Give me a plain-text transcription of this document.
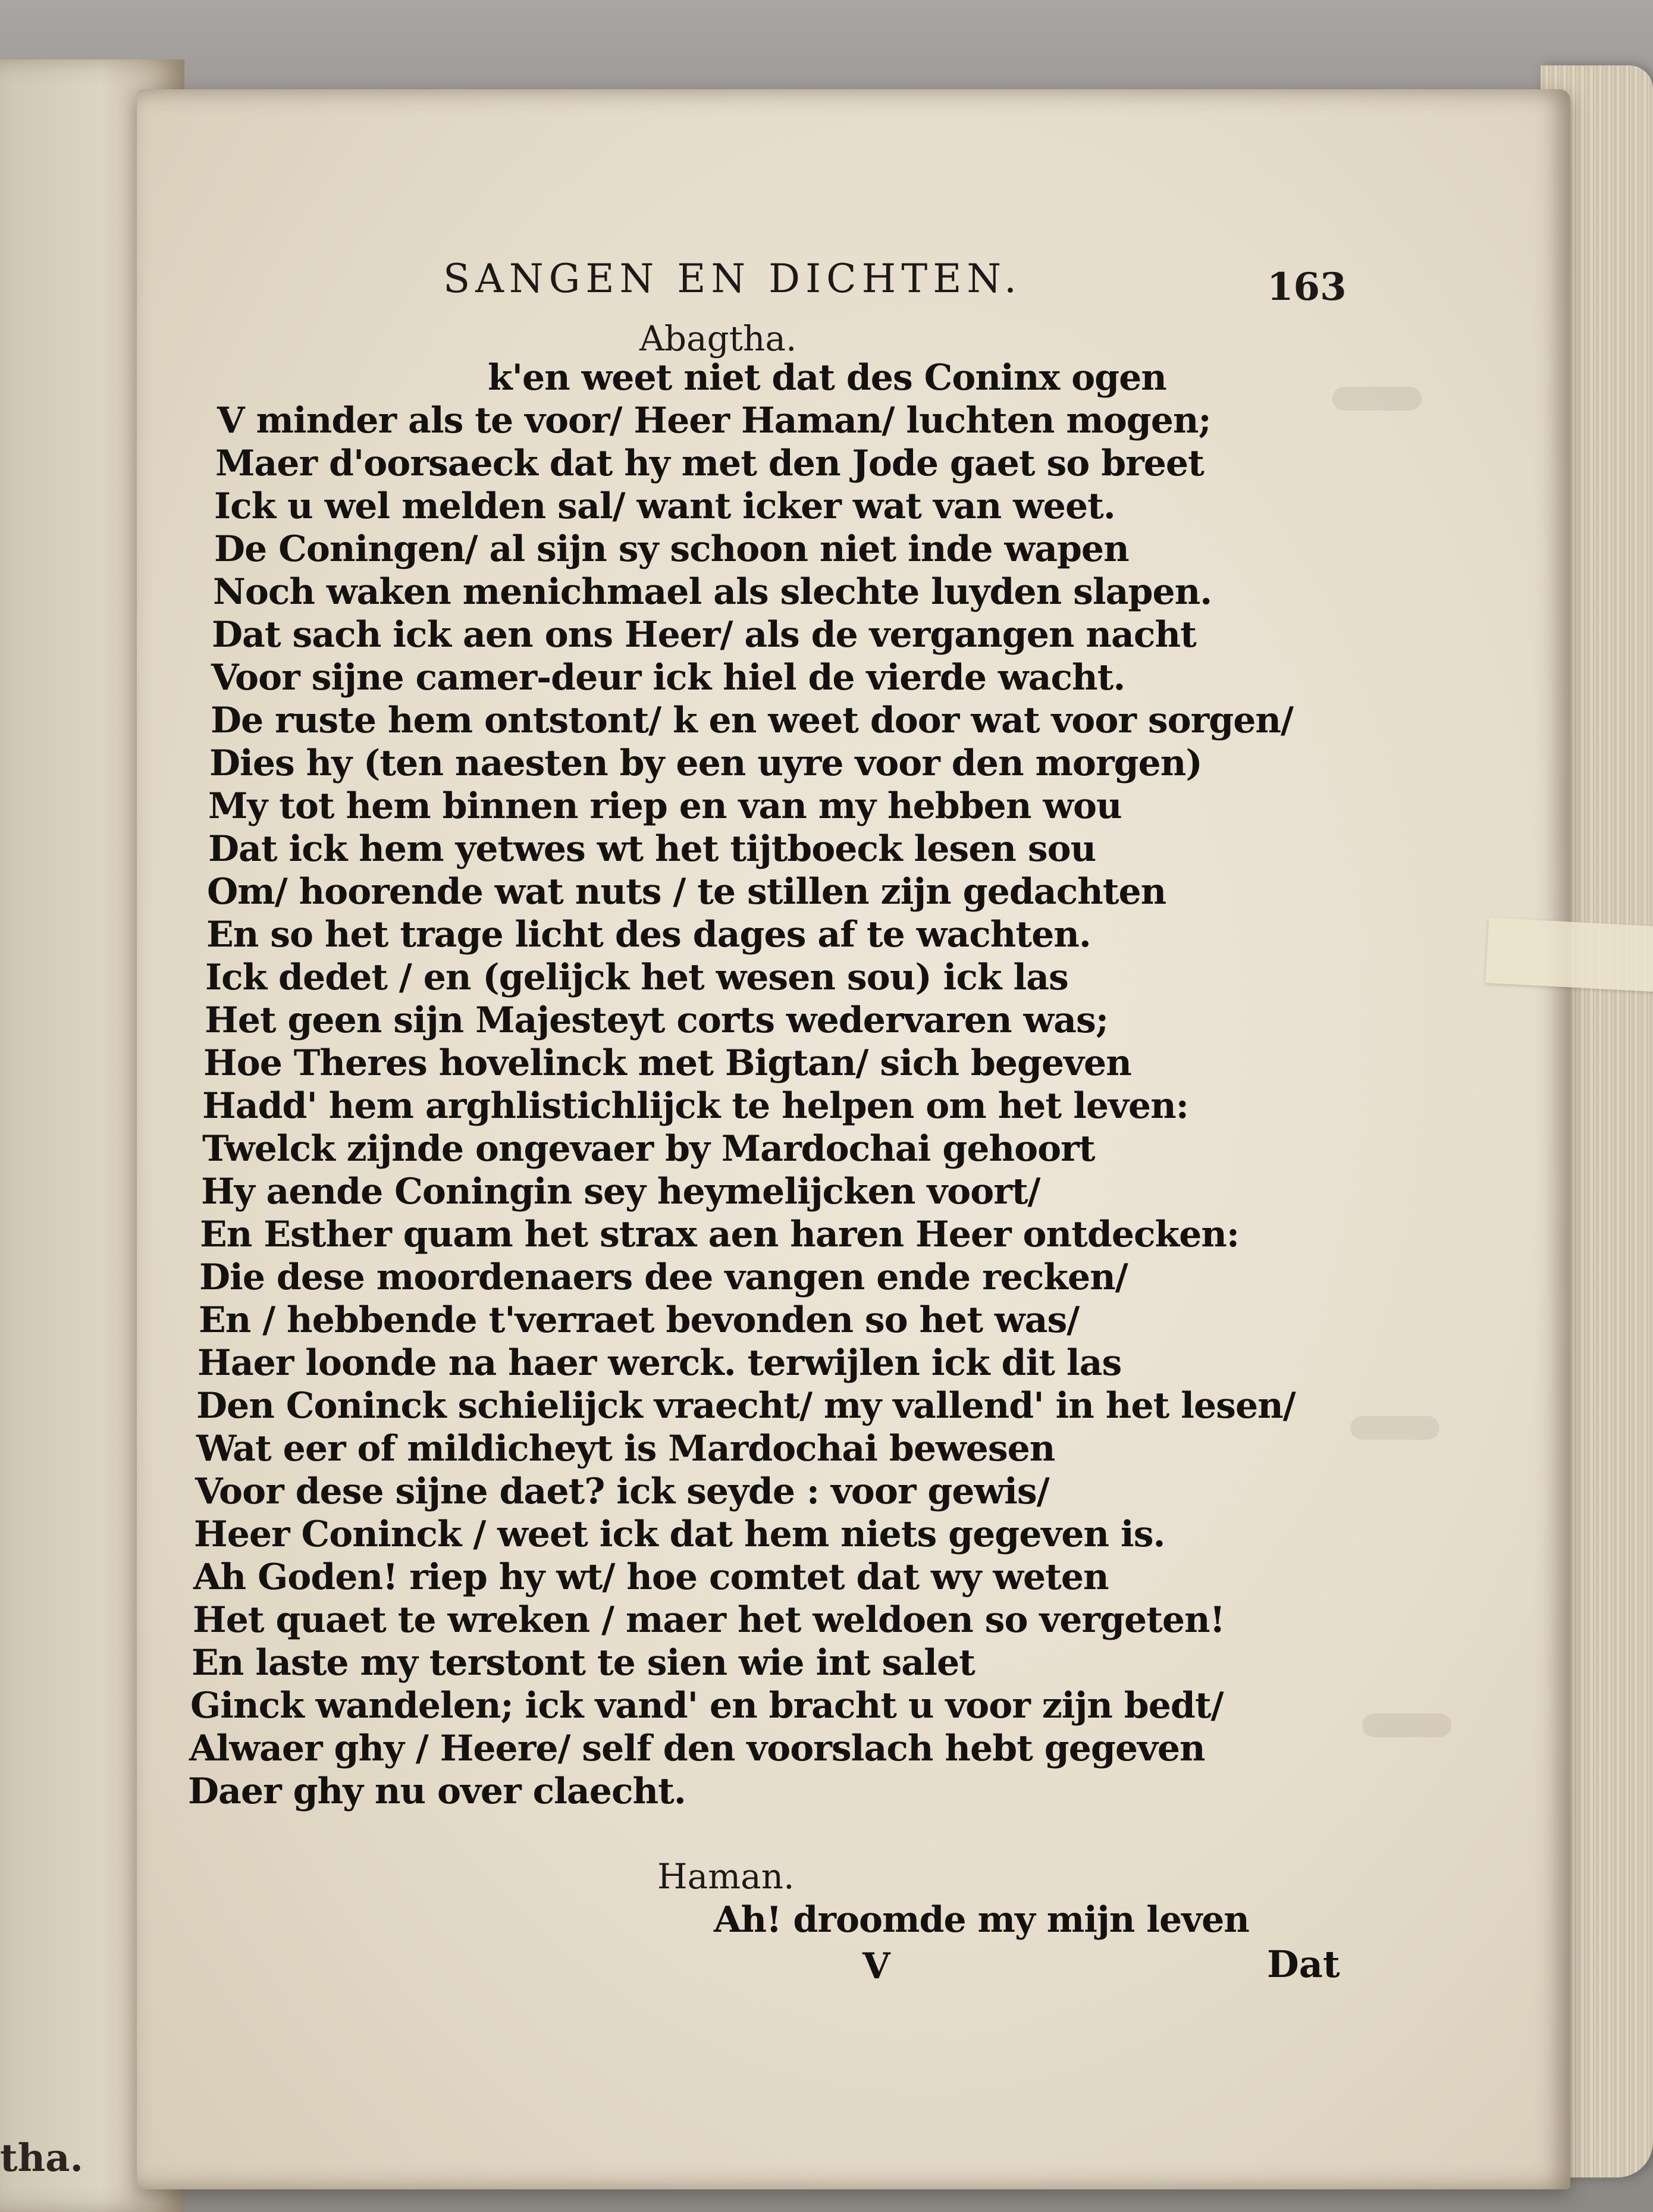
tha.
SANGEN EN DICHTEN.	163
Abagtha.
k'en weet niet dat des Coninx ogen
V minder als te voor/ Heer Haman/ luchten mogen;
Maer d'oorsaeck dat hy met den Jode gaet so breet
Ick u wel melden sal/ want icker wat van weet.
De Coningen/ al sijn sy schoon niet inde wapen
Noch waken menichmael als slechte luyden slapen.
Dat sach ick aen ons Heer/ als de vergangen nacht
Voor sijne camer-deur ick hiel de vierde wacht.
De ruste hem ontstont/ k en weet door wat voor sorgen/
Dies hy (ten naesten by een uyre voor den morgen)
My tot hem binnen riep en van my hebben wou
Dat ick hem yetwes wt het tijtboeck lesen sou
Om/ hoorende wat nuts / te stillen zijn gedachten
En so het trage licht des dages af te wachten.
Ick dedet / en (gelijck het wesen sou) ick las
Het geen sijn Majesteyt corts wedervaren was;
Hoe Theres hovelinck met Bigtan/ sich begeven
Hadd' hem arghlistichlijck te helpen om het leven:
Twelck zijnde ongevaer by Mardochai gehoort
Hy aende Coningin sey heymelijcken voort/
En Esther quam het strax aen haren Heer ontdecken:
Die dese moordenaers dee vangen ende recken/
En / hebbende t'verraet bevonden so het was/
Haer loonde na haer werck. terwijlen ick dit las
Den Coninck schielijck vraecht/ my vallend' in het lesen/
Wat eer of mildicheyt is Mardochai bewesen
Voor dese sijne daet? ick seyde : voor gewis/
Heer Coninck / weet ick dat hem niets gegeven is.
Ah Goden! riep hy wt/ hoe comtet dat wy weten
Het quaet te wreken / maer het weldoen so vergeten!
En laste my terstont te sien wie int salet
Ginck wandelen; ick vand' en bracht u voor zijn bedt/
Alwaer ghy / Heere/ self den voorslach hebt gegeven
Daer ghy nu over claecht.
Ah! droomde my mijn leven
Haman.
V	Dat
